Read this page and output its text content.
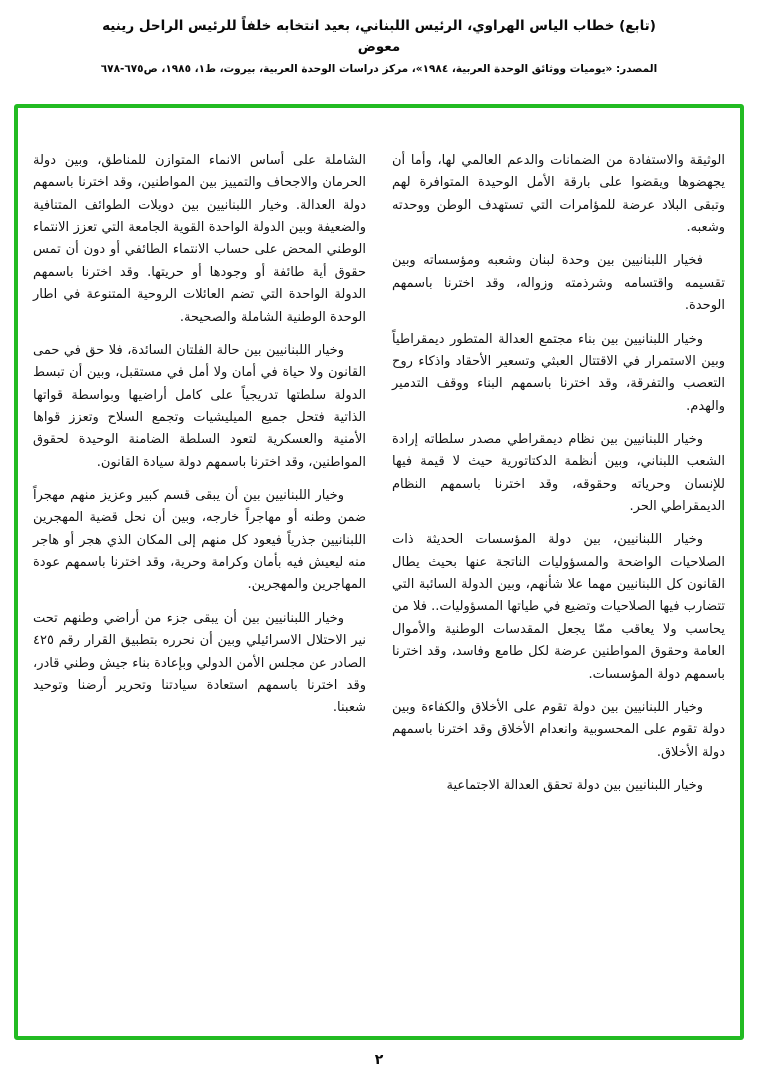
(تابع) خطاب الياس الهراوي، الرئيس اللبناني، بعيد انتخابه خلفاً للرئيس الراحل رينيه معوض
المصدر: «يوميات ووثائق الوحدة العربية، ١٩٨٤»، مركز دراسات الوحدة العربية، بيروت، ط١، ١٩٨٥، ص٦٧٥-٦٧٨

الوثيقة والاستفادة من الضمانات والدعم العالمي لها، وأما أن يجهضوها ويقضوا على بارقة الأمل الوحيدة المتوافرة لهم وتبقى البلاد عرضة للمؤامرات التي تستهدف الوطن ووحدته وشعبه.

فخيار اللبنانيين بين وحدة لبنان وشعبه ومؤسساته وبين تقسيمه واقتسامه وشرذمته وزواله، وقد اخترنا باسمهم الوحدة.

وخيار اللبنانيين بين بناء مجتمع العدالة المتطور ديمقراطياً وبين الاستمرار في الاقتتال العبثي وتسعير الأحقاد واذكاء روح التعصب والتفرقة، وقد اخترنا باسمهم البناء ووقف التدمير والهدم.

وخيار اللبنانيين بين نظام ديمقراطي مصدر سلطاته إرادة الشعب اللبناني، وبين أنظمة الدكتاتورية حيث لا قيمة فيها للإنسان وحرياته وحقوقه، وقد اخترنا باسمهم النظام الديمقراطي الحر.

وخيار اللبنانيين، بين دولة المؤسسات الحديثة ذات الصلاحيات الواضحة والمسؤوليات الناتجة عنها بحيث يطال القانون كل اللبنانيين مهما علا شأنهم، وبين الدولة السائبة التي تتضارب فيها الصلاحيات وتضيع في طياتها المسؤوليات.. فلا من يحاسب ولا يعاقب ممّا يجعل المقدسات الوطنية والأموال العامة وحقوق المواطنين عرضة لكل طامع وفاسد، وقد اخترنا باسمهم دولة المؤسسات.

وخيار اللبنانيين بين دولة تقوم على الأخلاق والكفاءة وبين دولة تقوم على المحسوبية وانعدام الأخلاق وقد اخترنا باسمهم دولة الأخلاق.

وخيار اللبنانيين بين دولة تحقق العدالة الاجتماعية

الشاملة على أساس الانماء المتوازن للمناطق، وبين دولة الحرمان والاجحاف والتمييز بين المواطنين، وقد اخترنا باسمهم دولة العدالة. وخيار اللبنانيين بين دويلات الطوائف المتنافية والضعيفة وبين الدولة الواحدة القوية الجامعة التي تعزز الانتماء الوطني المحض على حساب الانتماء الطائفي أو دون أن تمس حقوق أية طائفة أو وجودها أو حريتها. وقد اخترنا باسمهم الدولة الواحدة التي تضم العائلات الروحية المتنوعة في اطار الوحدة الوطنية الشاملة والصحيحة.

وخيار اللبنانيين بين حالة الفلتان السائدة، فلا حق في حمى القانون ولا حياة في أمان ولا أمل في مستقبل، وبين أن تبسط الدولة سلطتها تدريجياً على كامل أراضيها وبواسطة قواتها الذاتية فتحل جميع الميليشيات وتجمع السلاح وتعزز قواها الأمنية والعسكرية لتعود السلطة الضامنة الوحيدة لحقوق المواطنين، وقد اخترنا باسمهم دولة سيادة القانون.

وخيار اللبنانيين بين أن يبقى قسم كبير وعزيز منهم مهجراً ضمن وطنه أو مهاجراً خارجه، وبين أن نحل قضية المهجرين اللبنانيين جذرياً فيعود كل منهم إلى المكان الذي هجر أو هاجر منه ليعيش فيه بأمان وكرامة وحرية، وقد اخترنا باسمهم عودة المهاجرين والمهجرين.

وخيار اللبنانيين بين أن يبقى جزء من أراضي وطنهم تحت نير الاحتلال الاسرائيلي وبين أن نحرره بتطبيق القرار رقم ٤٢٥ الصادر عن مجلس الأمن الدولي وبإعادة بناء جيش وطني قادر، وقد اخترنا باسمهم استعادة سيادتنا وتحرير أرضنا وتوحيد شعبنا.

٢
